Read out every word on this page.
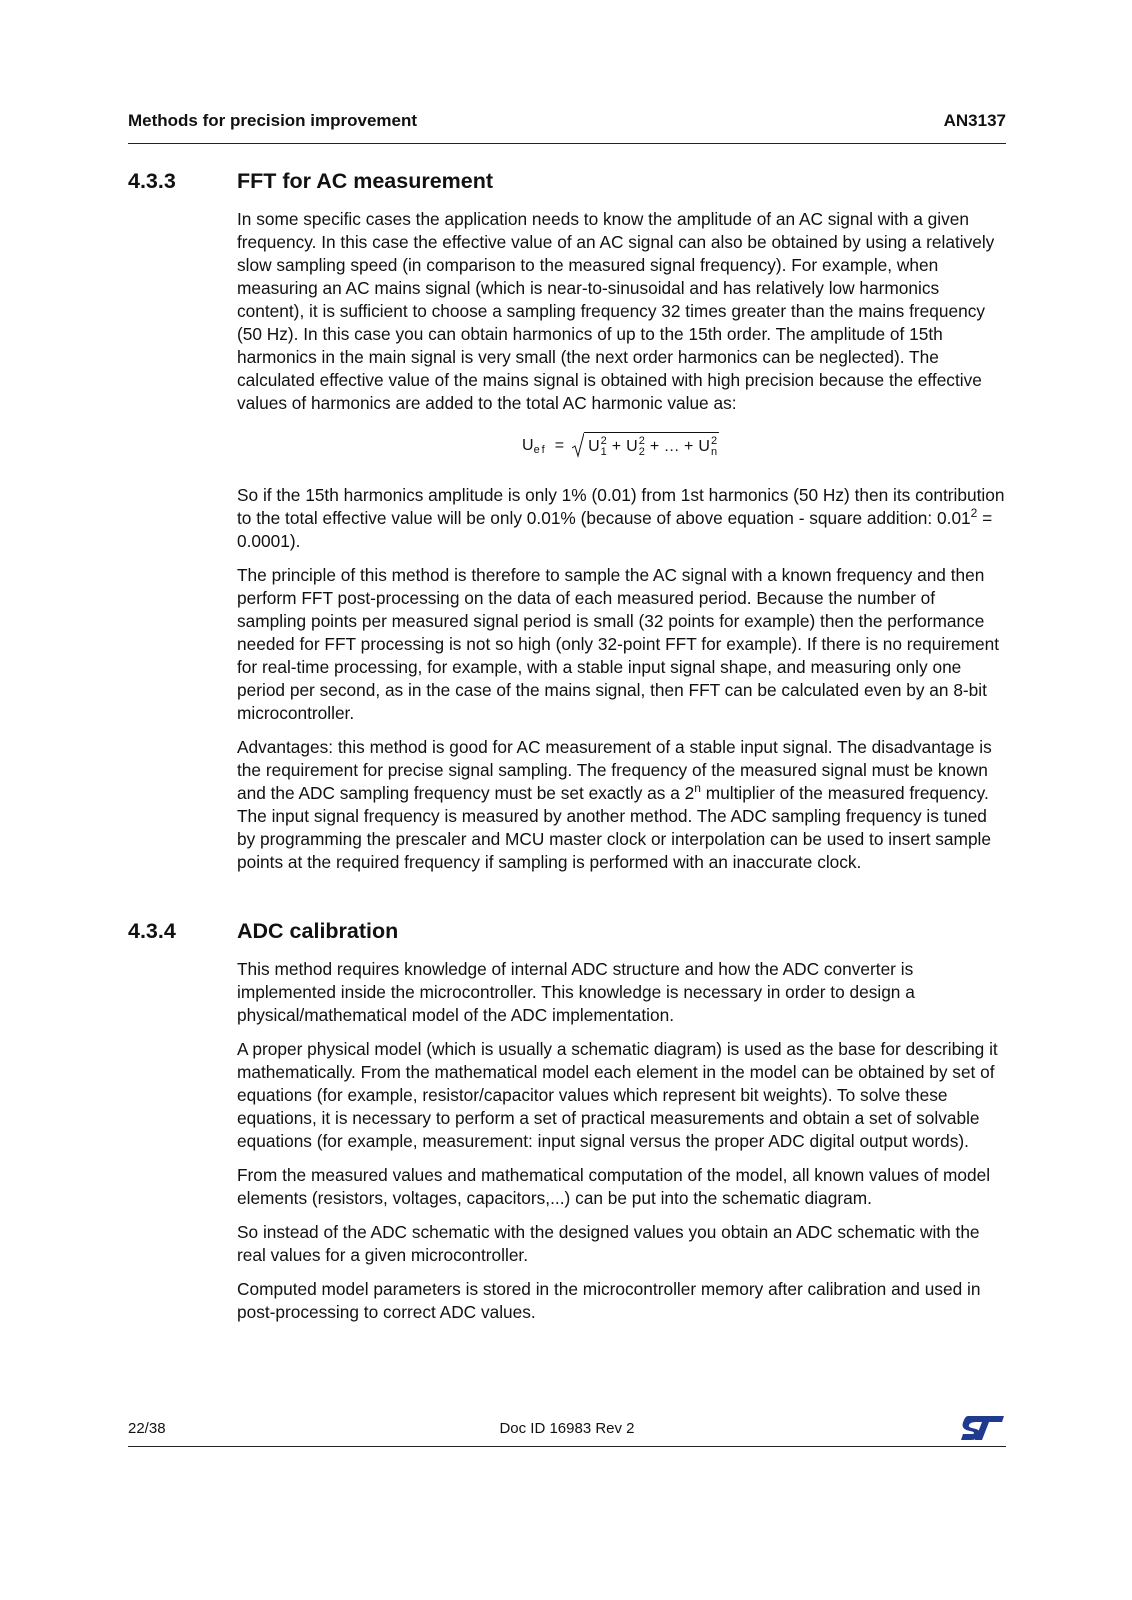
Methods for precision improvement	AN3137
4.3.3	FFT for AC measurement

In some specific cases the application needs to know the amplitude of an AC signal with a given frequency. In this case the effective value of an AC signal can also be obtained by using a relatively slow sampling speed (in comparison to the measured signal frequency). For example, when measuring an AC mains signal (which is near-to-sinusoidal and has relatively low harmonics content), it is sufficient to choose a sampling frequency 32 times greater than the mains frequency (50 Hz). In this case you can obtain harmonics of up to the 15th order. The amplitude of 15th harmonics in the main signal is very small (the next order harmonics can be neglected). The calculated effective value of the mains signal is obtained with high precision because the effective values of harmonics are added to the total AC harmonic value as:

U ef = U 2
1 + U 2
2 + … + U 2
n

So if the 15th harmonics amplitude is only 1% (0.01) from 1st harmonics (50 Hz) then its contribution to the total effective value will be only 0.01% (because of above equation - square addition: $0.01^2 = 0.0001$).

The principle of this method is therefore to sample the AC signal with a known frequency and then perform FFT post-processing on the data of each measured period. Because the number of sampling points per measured signal period is small (32 points for example) then the performance needed for FFT processing is not so high (only 32-point FFT for example). If there is no requirement for real-time processing, for example, with a stable input signal shape, and measuring only one period per second, as in the case of the mains signal, then FFT can be calculated even by an 8-bit microcontroller.

Advantages: this method is good for AC measurement of a stable input signal. The disadvantage is the requirement for precise signal sampling. The frequency of the measured signal must be known and the ADC sampling frequency must be set exactly as a 2$^n$ multiplier of the measured frequency. The input signal frequency is measured by another method. The ADC sampling frequency is tuned by programming the prescaler and MCU master clock or interpolation can be used to insert sample points at the required frequency if sampling is performed with an inaccurate clock.

4.3.4	ADC calibration

This method requires knowledge of internal ADC structure and how the ADC converter is implemented inside the microcontroller. This knowledge is necessary in order to design a physical/mathematical model of the ADC implementation.

A proper physical model (which is usually a schematic diagram) is used as the base for describing it mathematically. From the mathematical model each element in the model can be obtained by set of equations (for example, resistor/capacitor values which represent bit weights). To solve these equations, it is necessary to perform a set of practical measurements and obtain a set of solvable equations (for example, measurement: input signal versus the proper ADC digital output words).

From the measured values and mathematical computation of the model, all known values of model elements (resistors, voltages, capacitors,...) can be put into the schematic diagram.

So instead of the ADC schematic with the designed values you obtain an ADC schematic with the real values for a given microcontroller.

Computed model parameters is stored in the microcontroller memory after calibration and used in post-processing to correct ADC values.

22/38	Doc ID 16983 Rev 2
